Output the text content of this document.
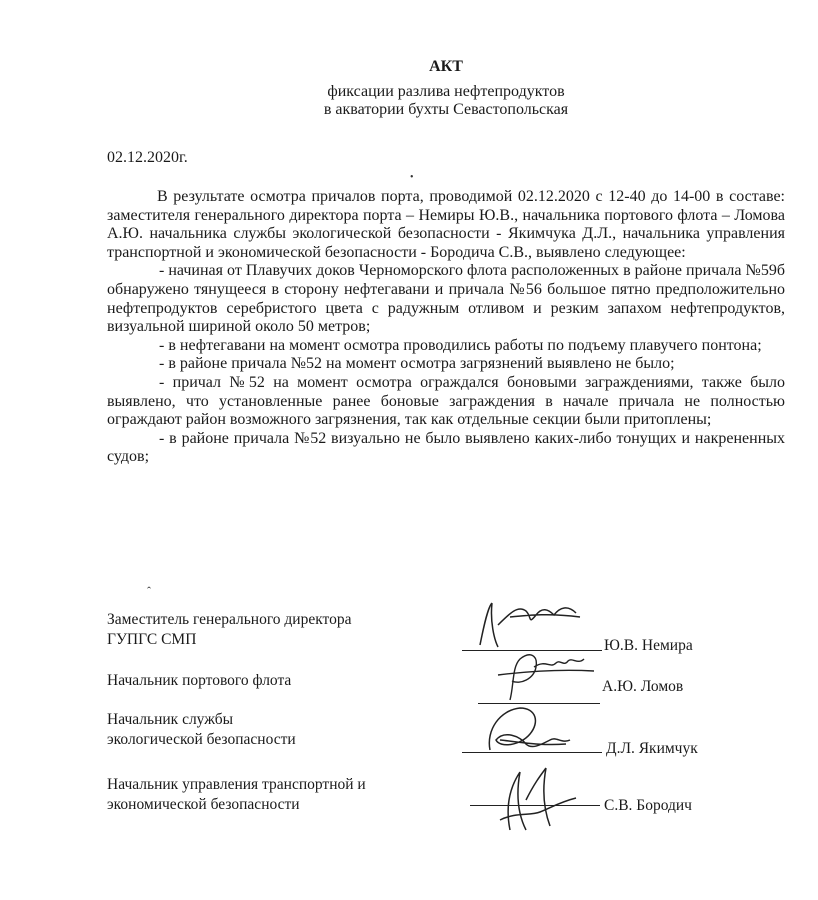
АКТ
фиксации разлива нефтепродуктов
в акватории бухты Севастопольская
02.12.2020г.
•

В результате осмотра причалов порта, проводимой 02.12.2020 с 12-40 до 14-00 в составе: заместителя генерального директора порта – Немиры Ю.В., начальника портового флота – Ломова А.Ю. начальника службы экологической безопасности - Якимчука Д.Л., начальника управления транспортной и экономической безопасности - Бородича С.В., выявлено следующее:

- начиная от Плавучих доков Черноморского флота расположенных в районе причала №59б обнаружено тянущееся в сторону нефтегавани и причала №56 большое пятно предположительно нефтепродуктов серебристого цвета с радужным отливом и резким запахом нефтепродуктов, визуальной шириной около 50 метров;

- в нефтегавани на момент осмотра проводились работы по подъему плавучего понтона;

- в районе причала №52 на момент осмотра загрязнений выявлено не было;

- причал №52 на момент осмотра ограждался боновыми заграждениями, также было выявлено, что установленные ранее боновые заграждения в начале причала не полностью ограждают район возможного загрязнения, так как отдельные секции были притоплены;

- в районе причала №52 визуально не было выявлено каких-либо тонущих и накрененных судов;

ˆ
Заместитель генерального директора
ГУПГС СМП	Ю.В. Немира
Начальник портового флота	А.Ю. Ломов
Начальник службы
экологической безопасности
Д.Л. Якимчук
Начальник управления транспортной и
экономической безопасности	С.В. Бородич
